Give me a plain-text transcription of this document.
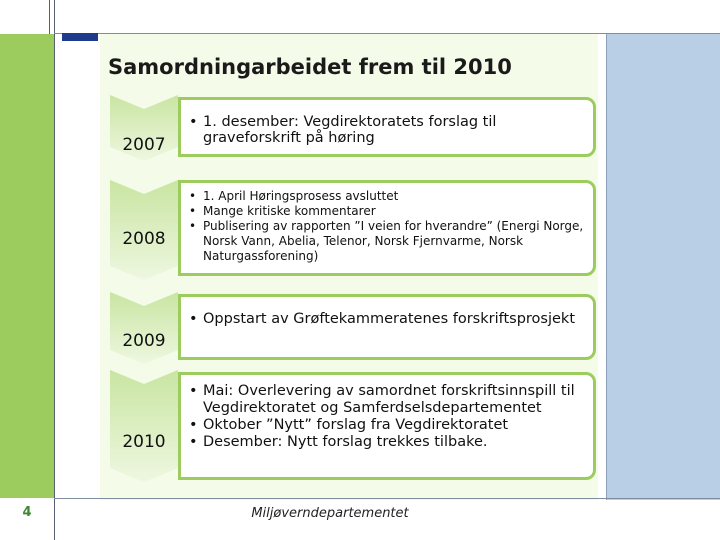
Samordningarbeidet frem til 2010
2007
• 1. desember: Vegdirektoratets forslag til graveforskrift på høring
2008
• 1. April Høringsprosess avsluttet
• Mange kritiske kommentarer
• Publisering av rapporten ”I veien for hverandre” (Energi Norge, Norsk Vann, Abelia, Telenor, Norsk Fjernvarme, Norsk Naturgassforening)
2009
• Oppstart av Grøftekammeratenes forskriftsprosjekt
2010
• Mai: Overlevering av samordnet forskriftsinnspill til Vegdirektoratet og Samferdselsdepartementet
• Oktober ”Nytt” forslag fra Vegdirektoratet
• Desember: Nytt forslag trekkes tilbake.
4	Miljøverndepartementet
